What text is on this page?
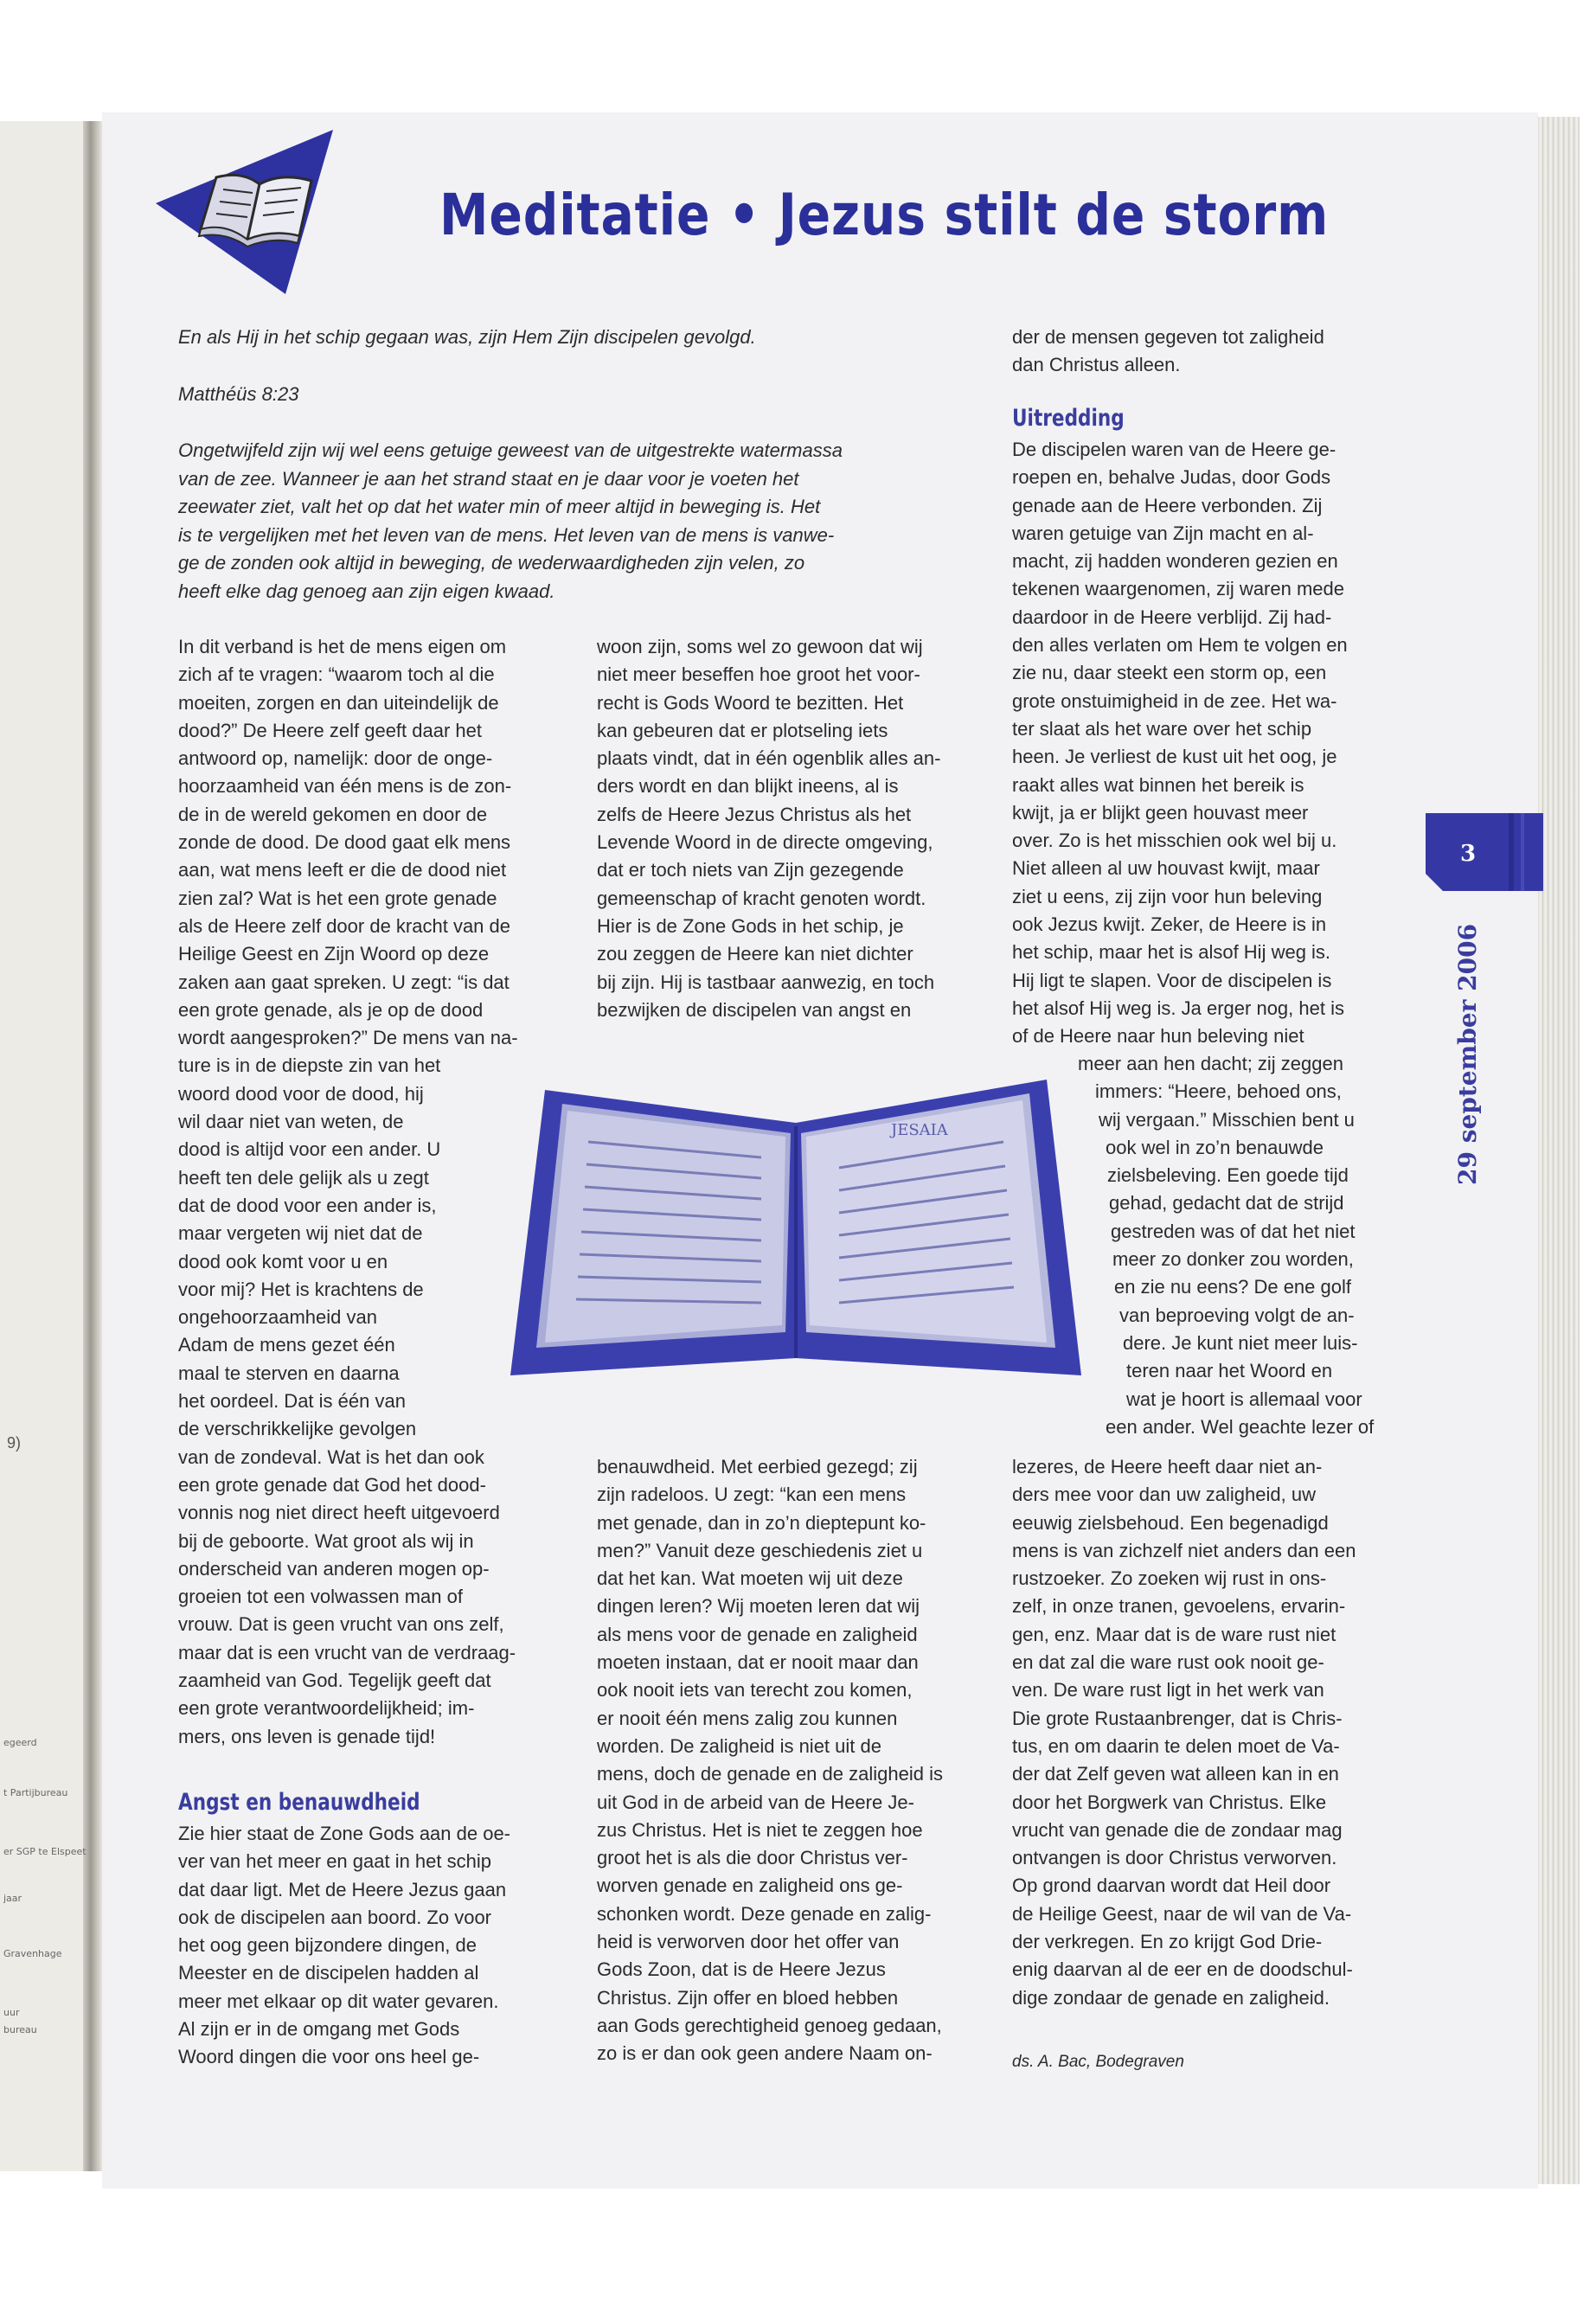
9)
egeerd
t Partijbureau
er SGP te Elspeet
jaar
Gravenhage
uur
bureau
Meditatie • Jezus stilt de storm

En als Hij in het schip gegaan was, zijn Hem Zijn discipelen gevolgd.

Matthéüs 8:23

Ongetwijfeld zijn wij wel eens getuige geweest van de uitgestrekte watermassa
van de zee. Wanneer je aan het strand staat en je daar voor je voeten het
zeewater ziet, valt het op dat het water min of meer altijd in beweging is. Het
is te vergelijken met het leven van de mens. Het leven van de mens is vanwe-
ge de zonden ook altijd in beweging, de wederwaardigheden zijn velen, zo
heeft elke dag genoeg aan zijn eigen kwaad.
In dit verband is het de mens eigen om
zich af te vragen: “waarom toch al die
moeiten, zorgen en dan uiteindelijk de
dood?” De Heere zelf geeft daar het
antwoord op, namelijk: door de onge-
hoorzaamheid van één mens is de zon-
de in de wereld gekomen en door de
zonde de dood. De dood gaat elk mens
aan, wat mens leeft er die de dood niet
zien zal? Wat is het een grote genade
als de Heere zelf door de kracht van de
Heilige Geest en Zijn Woord op deze
zaken aan gaat spreken. U zegt: “is dat
een grote genade, als je op de dood
wordt aangesproken?” De mens van na-
ture is in de diepste zin van het
woord dood voor de dood, hij
wil daar niet van weten, de
dood is altijd voor een ander. U
heeft ten dele gelijk als u zegt
dat de dood voor een ander is,
maar vergeten wij niet dat de
dood ook komt voor u en
voor mij? Het is krachtens de
ongehoorzaamheid van
Adam de mens gezet één
maal te sterven en daarna
het oordeel. Dat is één van
de verschrikkelijke gevolgen
van de zondeval. Wat is het dan ook
een grote genade dat God het dood-
vonnis nog niet direct heeft uitgevoerd
bij de geboorte. Wat groot als wij in
onderscheid van anderen mogen op-
groeien tot een volwassen man of
vrouw. Dat is geen vrucht van ons zelf,
maar dat is een vrucht van de verdraag-
zaamheid van God. Tegelijk geeft dat
een grote verantwoordelijkheid; im-
mers, ons leven is genade tijd!
Angst en benauwdheid
Zie hier staat de Zone Gods aan de oe-
ver van het meer en gaat in het schip
dat daar ligt. Met de Heere Jezus gaan
ook de discipelen aan boord. Zo voor
het oog geen bijzondere dingen, de
Meester en de discipelen hadden al
meer met elkaar op dit water gevaren.
Al zijn er in de omgang met Gods
Woord dingen die voor ons heel ge-
woon zijn, soms wel zo gewoon dat wij
niet meer beseffen hoe groot het voor-
recht is Gods Woord te bezitten. Het
kan gebeuren dat er plotseling iets
plaats vindt, dat in één ogenblik alles an-
ders wordt en dan blijkt ineens, al is
zelfs de Heere Jezus Christus als het
Levende Woord in de directe omgeving,
dat er toch niets van Zijn gezegende
gemeenschap of kracht genoten wordt.
Hier is de Zone Gods in het schip, je
zou zeggen de Heere kan niet dichter
bij zijn. Hij is tastbaar aanwezig, en toch
bezwijken de discipelen van angst en
benauwdheid. Met eerbied gezegd; zij
zijn radeloos. U zegt: “kan een mens
met genade, dan in zo’n dieptepunt ko-
men?” Vanuit deze geschiedenis ziet u
dat het kan. Wat moeten wij uit deze
dingen leren? Wij moeten leren dat wij
als mens voor de genade en zaligheid
moeten instaan, dat er nooit maar dan
ook nooit iets van terecht zou komen,
er nooit één mens zalig zou kunnen
worden. De zaligheid is niet uit de
mens, doch de genade en de zaligheid is
uit God in de arbeid van de Heere Je-
zus Christus. Het is niet te zeggen hoe
groot het is als die door Christus ver-
worven genade en zaligheid ons ge-
schonken wordt. Deze genade en zalig-
heid is verworven door het offer van
Gods Zoon, dat is de Heere Jezus
Christus. Zijn offer en bloed hebben
aan Gods gerechtigheid genoeg gedaan,
zo is er dan ook geen andere Naam on-
der de mensen gegeven tot zaligheid
dan Christus alleen.
Uitredding
De discipelen waren van de Heere ge-
roepen en, behalve Judas, door Gods
genade aan de Heere verbonden. Zij
waren getuige van Zijn macht en al-
macht, zij hadden wonderen gezien en
tekenen waargenomen, zij waren mede
daardoor in de Heere verblijd. Zij had-
den alles verlaten om Hem te volgen en
zie nu, daar steekt een storm op, een
grote onstuimigheid in de zee. Het wa-
ter slaat als het ware over het schip
heen. Je verliest de kust uit het oog, je
raakt alles wat binnen het bereik is
kwijt, ja er blijkt geen houvast meer
over. Zo is het misschien ook wel bij u.
Niet alleen al uw houvast kwijt, maar
ziet u eens, zij zijn voor hun beleving
ook Jezus kwijt. Zeker, de Heere is in
het schip, maar het is alsof Hij weg is.
Hij ligt te slapen. Voor de discipelen is
het alsof Hij weg is. Ja erger nog, het is
of de Heere naar hun beleving niet
meer aan hen dacht; zij zeggen
immers: “Heere, behoed ons,
wij vergaan.” Misschien bent u
ook wel in zo’n benauwde
zielsbeleving. Een goede tijd
gehad, gedacht dat de strijd
gestreden was of dat het niet
meer zo donker zou worden,
en zie nu eens? De ene golf
van beproeving volgt de an-
dere. Je kunt niet meer luis-
teren naar het Woord en
wat je hoort is allemaal voor
een ander. Wel geachte lezer of
lezeres, de Heere heeft daar niet an-
ders mee voor dan uw zaligheid, uw
eeuwig zielsbehoud. Een begenadigd
mens is van zichzelf niet anders dan een
rustzoeker. Zo zoeken wij rust in ons-
zelf, in onze tranen, gevoelens, ervarin-
gen, enz. Maar dat is de ware rust niet
en dat zal die ware rust ook nooit ge-
ven. De ware rust ligt in het werk van
Die grote Rustaanbrenger, dat is Chris-
tus, en om daarin te delen moet de Va-
der dat Zelf geven wat alleen kan in en
door het Borgwerk van Christus. Elke
vrucht van genade die de zondaar mag
ontvangen is door Christus verworven.
Op grond daarvan wordt dat Heil door
de Heilige Geest, naar de wil van de Va-
der verkregen. En zo krijgt God Drie-
enig daarvan al de eer en de doodschul-
dige zondaar de genade en zaligheid.

ds. A. Bac, Bodegraven

3
29 september 2006
JESAIA
